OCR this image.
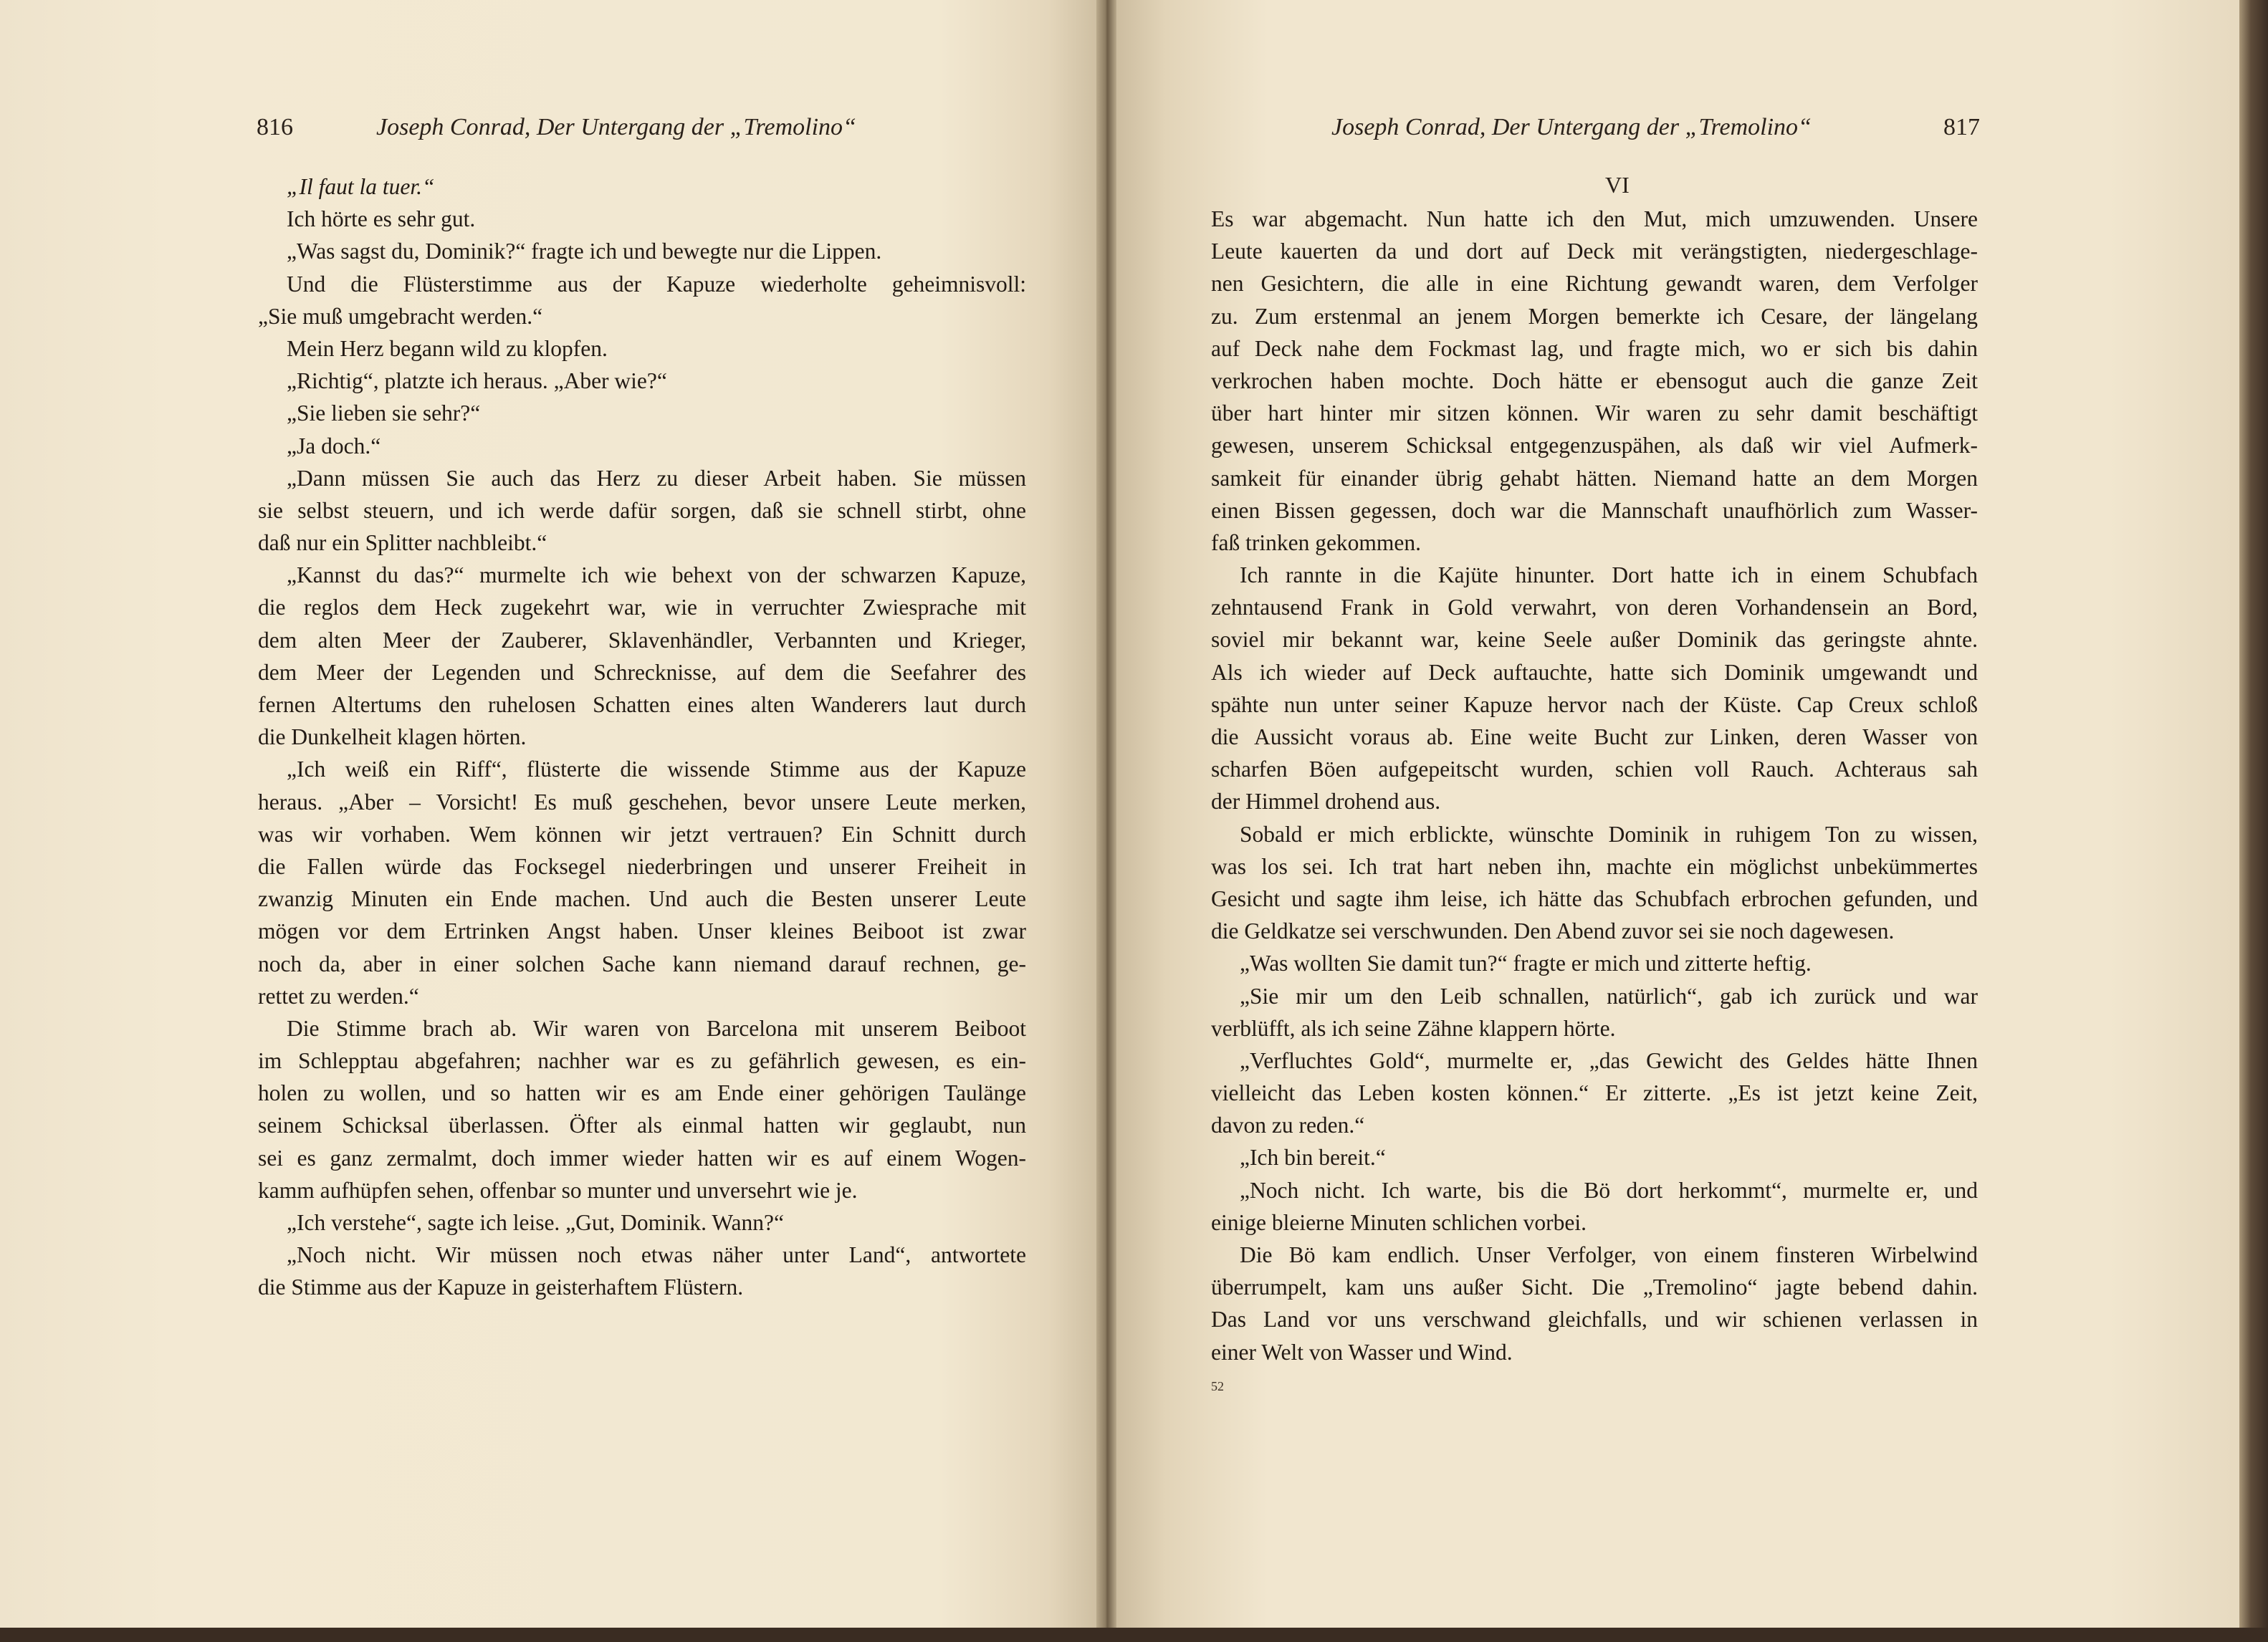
816	Joseph Conrad, Der Untergang der „Tremolino“	Joseph Conrad, Der Untergang der „Tremolino“	817
VI
„Il faut la tuer.“
Ich hörte es sehr gut.
„Was sagst du, Dominik?“ fragte ich und bewegte nur die Lippen.
Und die Flüsterstimme aus der Kapuze wiederholte geheimnisvoll:
„Sie muß umgebracht werden.“
Mein Herz begann wild zu klopfen.
„Richtig“, platzte ich heraus. „Aber wie?“
„Sie lieben sie sehr?“
„Ja doch.“
„Dann müssen Sie auch das Herz zu dieser Arbeit haben. Sie müssen
sie selbst steuern, und ich werde dafür sorgen, daß sie schnell stirbt, ohne
daß nur ein Splitter nachbleibt.“
„Kannst du das?“ murmelte ich wie behext von der schwarzen Kapuze,
die reglos dem Heck zugekehrt war, wie in verruchter Zwiesprache mit
dem alten Meer der Zauberer, Sklavenhändler, Verbannten und Krieger,
dem Meer der Legenden und Schrecknisse, auf dem die Seefahrer des
fernen Altertums den ruhelosen Schatten eines alten Wanderers laut durch
die Dunkelheit klagen hörten.
„Ich weiß ein Riff“, flüsterte die wissende Stimme aus der Kapuze
heraus. „Aber – Vorsicht! Es muß geschehen, bevor unsere Leute merken,
was wir vorhaben. Wem können wir jetzt vertrauen? Ein Schnitt durch
die Fallen würde das Focksegel niederbringen und unserer Freiheit in
zwanzig Minuten ein Ende machen. Und auch die Besten unserer Leute
mögen vor dem Ertrinken Angst haben. Unser kleines Beiboot ist zwar
noch da, aber in einer solchen Sache kann niemand darauf rechnen, ge-
rettet zu werden.“
Die Stimme brach ab. Wir waren von Barcelona mit unserem Beiboot
im Schlepptau abgefahren; nachher war es zu gefährlich gewesen, es ein-
holen zu wollen, und so hatten wir es am Ende einer gehörigen Taulänge
seinem Schicksal überlassen. Öfter als einmal hatten wir geglaubt, nun
sei es ganz zermalmt, doch immer wieder hatten wir es auf einem Wogen-
kamm aufhüpfen sehen, offenbar so munter und unversehrt wie je.
„Ich verstehe“, sagte ich leise. „Gut, Dominik. Wann?“
„Noch nicht. Wir müssen noch etwas näher unter Land“, antwortete
die Stimme aus der Kapuze in geisterhaftem Flüstern.
Es war abgemacht. Nun hatte ich den Mut, mich umzuwenden. Unsere
Leute kauerten da und dort auf Deck mit verängstigten, niedergeschlage-
nen Gesichtern, die alle in eine Richtung gewandt waren, dem Verfolger
zu. Zum erstenmal an jenem Morgen bemerkte ich Cesare, der längelang
auf Deck nahe dem Fockmast lag, und fragte mich, wo er sich bis dahin
verkrochen haben mochte. Doch hätte er ebensogut auch die ganze Zeit
über hart hinter mir sitzen können. Wir waren zu sehr damit beschäftigt
gewesen, unserem Schicksal entgegenzuspähen, als daß wir viel Aufmerk-
samkeit für einander übrig gehabt hätten. Niemand hatte an dem Morgen
einen Bissen gegessen, doch war die Mannschaft unaufhörlich zum Wasser-
faß trinken gekommen.
Ich rannte in die Kajüte hinunter. Dort hatte ich in einem Schubfach
zehntausend Frank in Gold verwahrt, von deren Vorhandensein an Bord,
soviel mir bekannt war, keine Seele außer Dominik das geringste ahnte.
Als ich wieder auf Deck auftauchte, hatte sich Dominik umgewandt und
spähte nun unter seiner Kapuze hervor nach der Küste. Cap Creux schloß
die Aussicht voraus ab. Eine weite Bucht zur Linken, deren Wasser von
scharfen Böen aufgepeitscht wurden, schien voll Rauch. Achteraus sah
der Himmel drohend aus.
Sobald er mich erblickte, wünschte Dominik in ruhigem Ton zu wissen,
was los sei. Ich trat hart neben ihn, machte ein möglichst unbekümmertes
Gesicht und sagte ihm leise, ich hätte das Schubfach erbrochen gefunden, und
die Geldkatze sei verschwunden. Den Abend zuvor sei sie noch dagewesen.
„Was wollten Sie damit tun?“ fragte er mich und zitterte heftig.
„Sie mir um den Leib schnallen, natürlich“, gab ich zurück und war
verblüfft, als ich seine Zähne klappern hörte.
„Verfluchtes Gold“, murmelte er, „das Gewicht des Geldes hätte Ihnen
vielleicht das Leben kosten können.“ Er zitterte. „Es ist jetzt keine Zeit,
davon zu reden.“
„Ich bin bereit.“
„Noch nicht. Ich warte, bis die Bö dort herkommt“, murmelte er, und
einige bleierne Minuten schlichen vorbei.
Die Bö kam endlich. Unser Verfolger, von einem finsteren Wirbelwind
überrumpelt, kam uns außer Sicht. Die „Tremolino“ jagte bebend dahin.
Das Land vor uns verschwand gleichfalls, und wir schienen verlassen in
einer Welt von Wasser und Wind.
52
